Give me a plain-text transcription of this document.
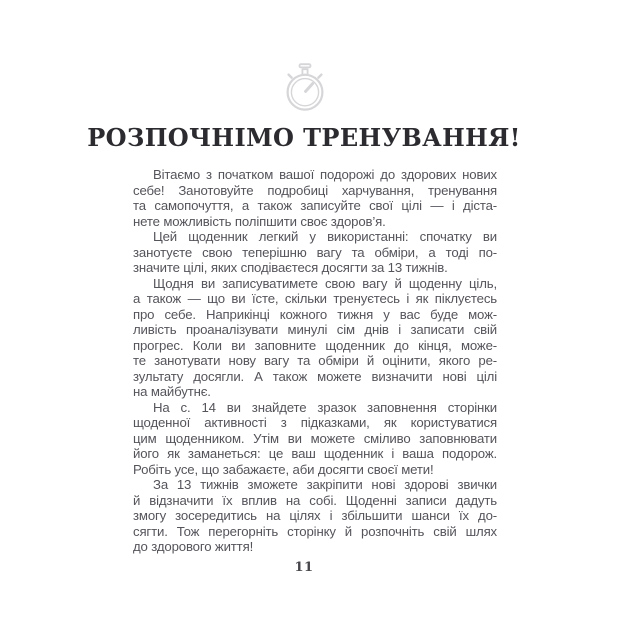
РОЗПОЧНІМО ТРЕНУВАННЯ!
Вітаємо з початком вашої подорожі до здорових нових
себе! Занотовуйте подробиці харчування, тренування
та самопочуття, а також записуйте свої цілі — і діста-
нете можливість поліпшити своє здоров’я.
Цей щоденник легкий у використанні: спочатку ви
занотуєте свою теперішню вагу та обміри, а тоді по-
значите цілі, яких сподіваєтеся досягти за 13 тижнів.
Щодня ви записуватимете свою вагу й щоденну ціль,
а також — що ви їсте, скільки тренуєтесь і як піклуєтесь
про себе. Наприкінці кожного тижня у вас буде мож-
ливість проаналізувати минулі сім днів і записати свій
прогрес. Коли ви заповните щоденник до кінця, може-
те занотувати нову вагу та обміри й оцінити, якого ре-
зультату досягли. А також можете визначити нові цілі
на майбутнє.
На с. 14 ви знайдете зразок заповнення сторінки
щоденної активності з підказками, як користуватися
цим щоденником. Утім ви можете сміливо заповнювати
його як заманеться: це ваш щоденник і ваша подорож.
Робіть усе, що забажаєте, аби досягти своєї мети!
За 13 тижнів зможете закріпити нові здорові звички
й відзначити їх вплив на собі. Щоденні записи дадуть
змогу зосередитись на цілях і збільшити шанси їх до-
сягти. Тож перегорніть сторінку й розпочніть свій шлях
до здорового життя!
11
